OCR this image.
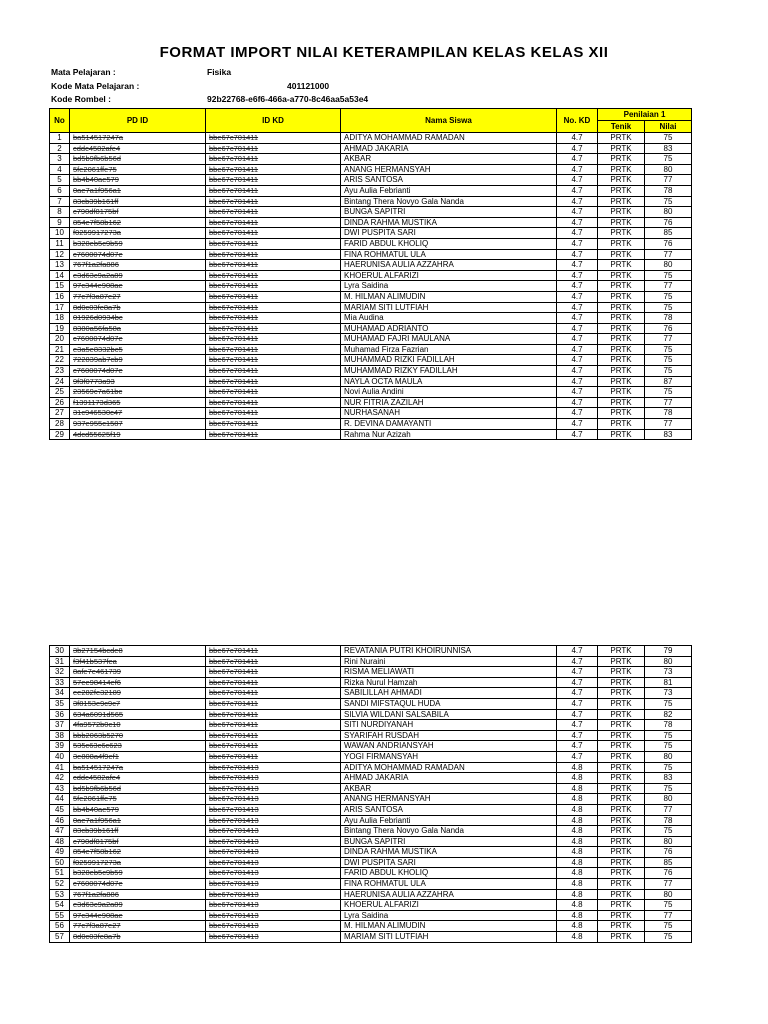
FORMAT IMPORT NILAI KETERAMPILAN KELAS KELAS XII
Mata Pelajaran :	Fisika
Kode Mata Pelajaran :	401121000
Kode Rombel :	92b22768-e6f6-466a-a770-8c46aa5a53e4
No	PD ID	ID KD	Nama Siswa	No. KD	Penilaian 1	
					Tenik	Nilai
1	ba514517247a	bbe67c701411	ADITYA MOHAMMAD RAMADAN	4.7	PRTK	75
2	cddc4582afe4	bbe67c701411	AHMAD JAKARIA	4.7	PRTK	83
3	bd5b9fb6b56d	bbe67c701411	AKBAR	4.7	PRTK	75
4	5fe2061ffe75	bbe67c701411	ANANG HERMANSYAH	4.7	PRTK	80
5	bb4b40ae579	bbe67c701411	ARIS SANTOSA	4.7	PRTK	77
6	0ae7a1f956a1	bbe67c701411	Ayu Aulia Febrianti	4.7	PRTK	78
7	83cb39b161ff	bbe67c701411	Bintang Thera Novyo Gala Nanda	4.7	PRTK	75
8	c790df8175bf	bbe67c701411	BUNGA SAPITRI	4.7	PRTK	80
9	854e7f58b162	bbe67c701411	DINDA RAHMA MUSTIKA	4.7	PRTK	76
10	f0259917273a	bbe67c701411	DWI PUSPITA SARI	4.7	PRTK	85
11	b328eb5c9b59	bbe67c701411	FARID ABDUL KHOLIQ	4.7	PRTK	76
12	c7600074d07e	bbe67c701411	FINA ROHMATUL ULA	4.7	PRTK	77
13	767f1a2fa886	bbe67c701411	HAERUNISA AULIA AZZAHRA	4.7	PRTK	80
14	e3d63c9a2a89	bbe67c701411	KHOERUL ALFARIZI	4.7	PRTK	75
15	97c344e908ae	bbe67c701411	Lyra Saidina	4.7	PRTK	77
16	77c7f3a87e27	bbe67c701411	M. HILMAN ALIMUDIN	4.7	PRTK	75
17	8d0c03fe8a7b	bbe67c701411	MARIAM SITI LUTFIAH	4.7	PRTK	75
18	01926d0934bc	bbe67c701411	Mia Audina	4.7	PRTK	78
19	8380a56fa58a	bbe67c701411	MUHAMAD ADRIANTO	4.7	PRTK	76
20	c7600074d07e	bbe67c701411	MUHAMAD FAJRI MAULANA	4.7	PRTK	77
21	e3a5e8332bc5	bbe67c701411	Muhamad Firza Fazrian	4.7	PRTK	75
22	722839ab7cb9	bbe67c701411	MUHAMMAD RIZKI FADILLAH	4.7	PRTK	75
23	c7600074d07e	bbe67c701411	MUHAMMAD RIZKY FADILLAH	4.7	PRTK	75
24	9f3f0773a93	bbe67c701411	NAYLA OCTA MAULA	4.7	PRTK	87
25	23569c7a61bc	bbe67c701411	Novi Aulia Andini	4.7	PRTK	75
26	f1391173d365	bbe67c701411	NUR FITRIA ZAZILAH	4.7	PRTK	77
27	31c946530c47	bbe67c701411	NURHASANAH	4.7	PRTK	78
28	937e955c1587	bbe67c701411	R. DEVINA DAMAYANTI	4.7	PRTK	77
29	4dcd55625f19	bbe67c701411	Rahma Nur Azizah	4.7	PRTK	83
30	3b27154bcde8	bbe67c701411	REVATANIA PUTRI KHOIRUNNISA	4.7	PRTK	79
31	f3f41b537fea	bbe67c701411	Rini Nuraini	4.7	PRTK	80
32	8afe7e461739	bbe67c701411	RISMA MELIAWATI	4.7	PRTK	73
33	57ee98414ef6	bbe67c701411	Rizka Nurul Hamzah	4.7	PRTK	81
34	ee282fe32189	bbe67c701411	SABILILLAH AHMADI	4.7	PRTK	73
35	3f8153e9c9c7	bbe67c701411	SANDI MIFSTAQUL HUDA	4.7	PRTK	75
36	634a6091d565	bbe67c701411	SILVIA WILDANI SALSABILA	4.7	PRTK	82
37	4fa9572b0c10	bbe67c701411	SITI NURDIYANAH	4.7	PRTK	78
38	bbb2063b5270	bbe67c701411	SYARIFAH RUSDAH	4.7	PRTK	75
39	535c63c6c623	bbe67c701411	WAWAN ANDRIANSYAH	4.7	PRTK	75
40	3e808a4f9ef1	bbe67c701411	YOGI FIRMANSYAH	4.7	PRTK	80
41	ba514517247a	bbe67c701413	ADITYA MOHAMMAD RAMADAN	4.8	PRTK	75
42	cddc4582afe4	bbe67c701413	AHMAD JAKARIA	4.8	PRTK	83
43	bd5b9fb6b56d	bbe67c701413	AKBAR	4.8	PRTK	75
44	5fe2061ffe75	bbe67c701413	ANANG HERMANSYAH	4.8	PRTK	80
45	bb4b40ae579	bbe67c701413	ARIS SANTOSA	4.8	PRTK	77
46	0ae7a1f956a1	bbe67c701413	Ayu Aulia Febrianti	4.8	PRTK	78
47	83cb39b161ff	bbe67c701413	Bintang Thera Novyo Gala Nanda	4.8	PRTK	75
48	c790df8175bf	bbe67c701413	BUNGA SAPITRI	4.8	PRTK	80
49	854e7f58b162	bbe67c701413	DINDA RAHMA MUSTIKA	4.8	PRTK	76
50	f0259917273a	bbe67c701413	DWI PUSPITA SARI	4.8	PRTK	85
51	b328eb5c9b59	bbe67c701413	FARID ABDUL KHOLIQ	4.8	PRTK	76
52	c7600074d07e	bbe67c701413	FINA ROHMATUL ULA	4.8	PRTK	77
53	767f1a2fa886	bbe67c701413	HAERUNISA AULIA AZZAHRA	4.8	PRTK	80
54	e3d63c9a2a89	bbe67c701413	KHOERUL ALFARIZI	4.8	PRTK	75
55	97c344e908ae	bbe67c701413	Lyra Saidina	4.8	PRTK	77
56	77c7f3a87e27	bbe67c701413	M. HILMAN ALIMUDIN	4.8	PRTK	75
57	8d0c03fe8a7b	bbe67c701413	MARIAM SITI LUTFIAH	4.8	PRTK	75
